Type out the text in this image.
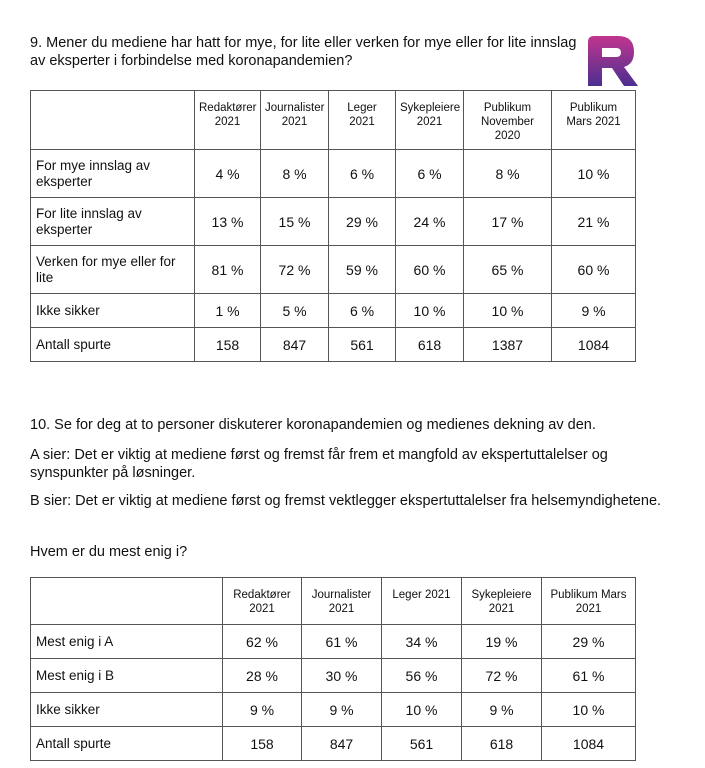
9. Mener du mediene har hatt for mye, for lite eller verken for mye eller for lite innslag av eksperter i forbindelse med koronapandemien?
	Redaktører 2021	Journalister 2021	Leger 2021	Sykepleiere 2021	Publikum November 2020	Publikum Mars 2021
For mye innslag av eksperter	4 %	8 %	6 %	6 %	8 %	10 %
For lite innslag av eksperter	13 %	15 %	29 %	24 %	17 %	21 %
Verken for mye eller for lite	81 %	72 %	59 %	60 %	65 %	60 %
Ikke sikker	1 %	5 %	6 %	10 %	10 %	9 %
Antall spurte	158	847	561	618	1387	1084

10. Se for deg at to personer diskuterer koronapandemien og medienes dekning av den.

A sier: Det er viktig at mediene først og fremst får frem et mangfold av ekspertuttalelser og synspunkter på løsninger.

B sier: Det er viktig at mediene først og fremst vektlegger ekspertuttalelser fra helsemyndighetene.

Hvem er du mest enig i?

	Redaktører 2021	Journalister 2021	Leger 2021	Sykepleiere 2021	Publikum Mars 2021
Mest enig i A	62 %	61 %	34 %	19 %	29 %
Mest enig i B	28 %	30 %	56 %	72 %	61 %
Ikke sikker	9 %	9 %	10 %	9 %	10 %
Antall spurte	158	847	561	618	1084
